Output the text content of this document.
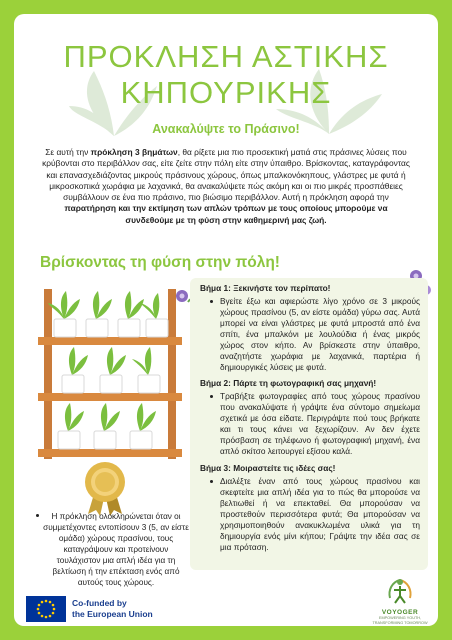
ΠΡΟΚΛΗΣΗ ΑΣΤΙΚΗΣ
ΚΗΠΟΥΡΙΚΗΣ

Ανακαλύψτε το Πράσινο!

Σε αυτή την πρόκληση 3 βημάτων, θα ρίξετε μια πιο προσεκτική ματιά στις πράσινες λύσεις που κρύβονται στο περιβάλλον σας, είτε ζείτε στην πόλη είτε στην ύπαιθρο. Βρίσκοντας, καταγράφοντας και επανασχεδιάζοντας μικρούς πράσινους χώρους, όπως μπαλκονόκηπους, γλάστρες με φυτά ή μικροσκοπικά χωράφια με λαχανικά, θα ανακαλύψετε πώς ακόμη και οι πιο μικρές προσπάθειες συμβάλλουν σε ένα πιο πράσινο, πιο βιώσιμο περιβάλλον. Αυτή η πρόκληση αφορά την παρατήρηση και την εκτίμηση των απλών τρόπων με τους οποίους μπορούμε να συνδεθούμε με τη φύση στην καθημερινή μας ζωή.
Βρίσκοντας τη φύση στην πόλη!
Βήμα 1: Ξεκινήστε τον περίπατο!
Βγείτε έξω και αφιερώστε λίγο χρόνο σε 3 μικρούς χώρους πρασίνου (5, αν είστε ομάδα) γύρω σας. Αυτά μπορεί να είναι γλάστρες με φυτά μπροστά από ένα σπίτι, ένα μπαλκόνι με λουλούδια ή ένας μικρός χώρος στον κήπο. Αν βρίσκεστε στην ύπαιθρο, αναζητήστε χωράφια με λαχανικά, παρτέρια ή δημιουργικές λύσεις με φυτά.
Βήμα 2: Πάρτε τη φωτογραφική σας μηχανή!
Τραβήξτε φωτογραφίες από τους χώρους πρασίνου που ανακαλύψατε ή γράψτε ένα σύντομο σημείωμα σχετικά με όσα είδατε. Περιγράψτε πού τους βρήκατε και τι τους κάνει να ξεχωρίζουν. Αν δεν έχετε πρόσβαση σε τηλέφωνο ή φωτογραφική μηχανή, ένα απλό σκίτσο λειτουργεί εξίσου καλά.
Βήμα 3: Μοιραστείτε τις ιδέες σας!
Διαλέξτε έναν από τους χώρους πρασίνου και σκεφτείτε μια απλή ιδέα για το πώς θα μπορούσε να βελτιωθεί ή να επεκταθεί. Θα μπορούσαν να προστεθούν περισσότερα φυτά; Θα μπορούσαν να χρησιμοποιηθούν ανακυκλωμένα υλικά για τη δημιουργία ενός μίνι κήπου; Γράψτε την ιδέα σας σε μια πρόταση.
Η πρόκληση ολοκληρώνεται όταν οι συμμετέχοντες εντοπίσουν 3 (5, αν είστε ομάδα) χώρους πρασίνου, τους καταγράψουν και προτείνουν τουλάχιστον μια απλή ιδέα για τη βελτίωση ή την επέκταση ενός από αυτούς τους χώρους.
Co-funded by
the European Union	VOYOGER
EMPOWERING YOUTH, TRANSFORMING TOMORROW
